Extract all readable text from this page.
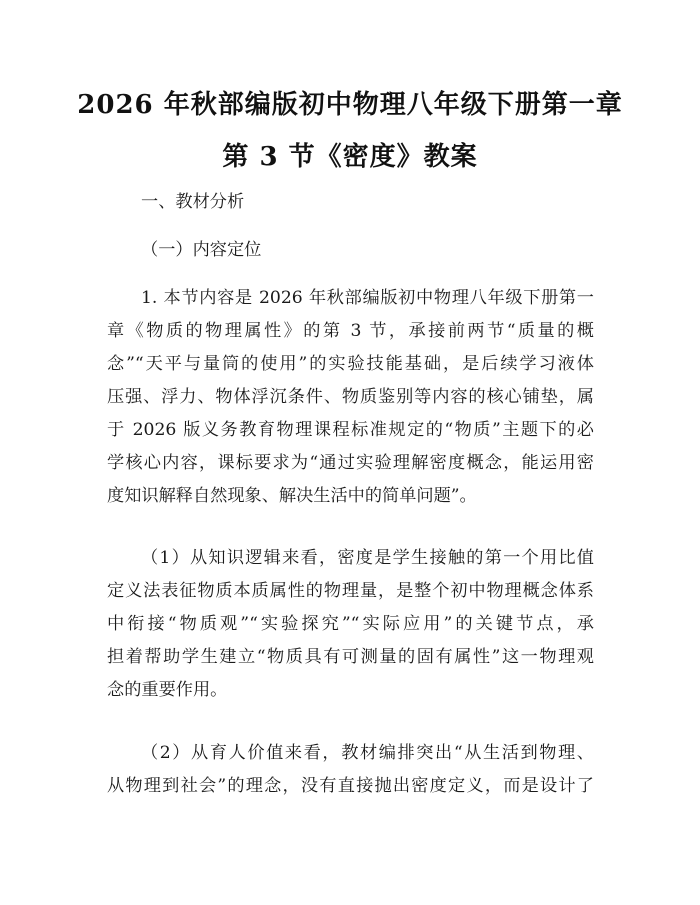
2026 年秋部编版初中物理八年级下册第一章
第 3 节《密度》教案
一、教材分析
（一）内容定位
1. 本节内容是 2026 年秋部编版初中物理八年级下册第一
章《物质的物理属性》的第 3 节，承接前两节“质量的概
念”“天平与量筒的使用”的实验技能基础，是后续学习液体
压强、浮力、物体浮沉条件、物质鉴别等内容的核心铺垫，属
于 2026 版义务教育物理课程标准规定的“物质”主题下的必
学核心内容，课标要求为“通过实验理解密度概念，能运用密
度知识解释自然现象、解决生活中的简单问题”。
（1）从知识逻辑来看，密度是学生接触的第一个用比值
定义法表征物质本质属性的物理量，是整个初中物理概念体系
中衔接“物质观”“实验探究”“实际应用”的关键节点，承
担着帮助学生建立“物质具有可测量的固有属性”这一物理观
念的重要作用。
（2）从育人价值来看，教材编排突出“从生活到物理、
从物理到社会”的理念，没有直接抛出密度定义，而是设计了
